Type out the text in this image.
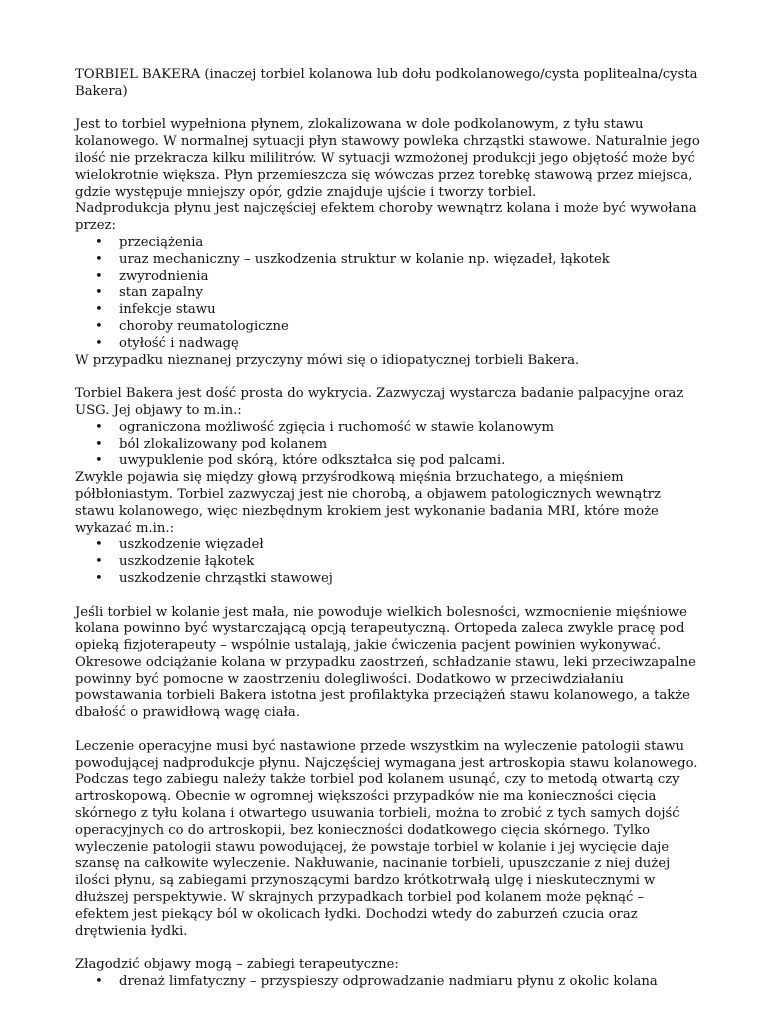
TORBIEL BAKERA (inaczej torbiel kolanowa lub dołu podkolanowego/cysta poplitealna/cysta Bakera)

Jest to torbiel wypełniona płynem, zlokalizowana w dole podkolanowym, z tyłu stawu kolanowego. W normalnej sytuacji płyn stawowy powleka chrząstki stawowe. Naturalnie jego ilość nie przekracza kilku mililitrów. W sytuacji wzmożonej produkcji jego objętość może być wielokrotnie większa. Płyn przemieszcza się wówczas przez torebkę stawową przez miejsca, gdzie występuje mniejszy opór, gdzie znajduje ujście i tworzy torbiel.

Nadprodukcja płynu jest najczęściej efektem choroby wewnątrz kolana i może być wywołana przez:

• przeciążenia
• uraz mechaniczny – uszkodzenia struktur w kolanie np. więzadeł, łąkotek
• zwyrodnienia
• stan zapalny
• infekcje stawu
• choroby reumatologiczne
• otyłość i nadwagę

W przypadku nieznanej przyczyny mówi się o idiopatycznej torbieli Bakera.

Torbiel Bakera jest dość prosta do wykrycia. Zazwyczaj wystarcza badanie palpacyjne oraz USG. Jej objawy to m.in.:

• ograniczona możliwość zgięcia i ruchomość w stawie kolanowym
• ból zlokalizowany pod kolanem
• uwypuklenie pod skórą, które odkształca się pod palcami.

Zwykle pojawia się między głową przyśrodkową mięśnia brzuchatego, a mięśniem półbłoniastym. Torbiel zazwyczaj jest nie chorobą, a objawem patologicznych wewnątrz stawu kolanowego, więc niezbędnym krokiem jest wykonanie badania MRI, które może wykazać m.in.:

• uszkodzenie więzadeł
• uszkodzenie łąkotek
• uszkodzenie chrząstki stawowej

Jeśli torbiel w kolanie jest mała, nie powoduje wielkich bolesności, wzmocnienie mięśniowe kolana powinno być wystarczającą opcją terapeutyczną. Ortopeda zaleca zwykle pracę pod opieką fizjoterapeuty – wspólnie ustalają, jakie ćwiczenia pacjent powinien wykonywać. Okresowe odciążanie kolana w przypadku zaostrzeń, schładzanie stawu, leki przeciwzapalne powinny być pomocne w zaostrzeniu dolegliwości. Dodatkowo w przeciwdziałaniu powstawania torbieli Bakera istotna jest profilaktyka przeciążeń stawu kolanowego, a także dbałość o prawidłową wagę ciała.

Leczenie operacyjne musi być nastawione przede wszystkim na wyleczenie patologii stawu powodującej nadprodukcje płynu. Najczęściej wymagana jest artroskopia stawu kolanowego. Podczas tego zabiegu należy także torbiel pod kolanem usunąć, czy to metodą otwartą czy artroskopową. Obecnie w ogromnej większości przypadków nie ma konieczności cięcia skórnego z tyłu kolana i otwartego usuwania torbieli, można to zrobić z tych samych dojść operacyjnych co do artroskopii, bez konieczności dodatkowego cięcia skórnego. Tylko wyleczenie patologii stawu powodującej, że powstaje torbiel w kolanie i jej wycięcie daje szansę na całkowite wyleczenie. Nakłuwanie, nacinanie torbieli, upuszczanie z niej dużej ilości płynu, są zabiegami przynoszącymi bardzo krótkotrwałą ulgę i nieskutecznymi w dłuższej perspektywie. W skrajnych przypadkach torbiel pod kolanem może pęknąć – efektem jest piekący ból w okolicach łydki. Dochodzi wtedy do zaburzeń czucia oraz drętwienia łydki.

Złagodzić objawy mogą – zabiegi terapeutyczne:

• drenaż limfatyczny – przyspieszy odprowadzanie nadmiaru płynu z okolic kolana
